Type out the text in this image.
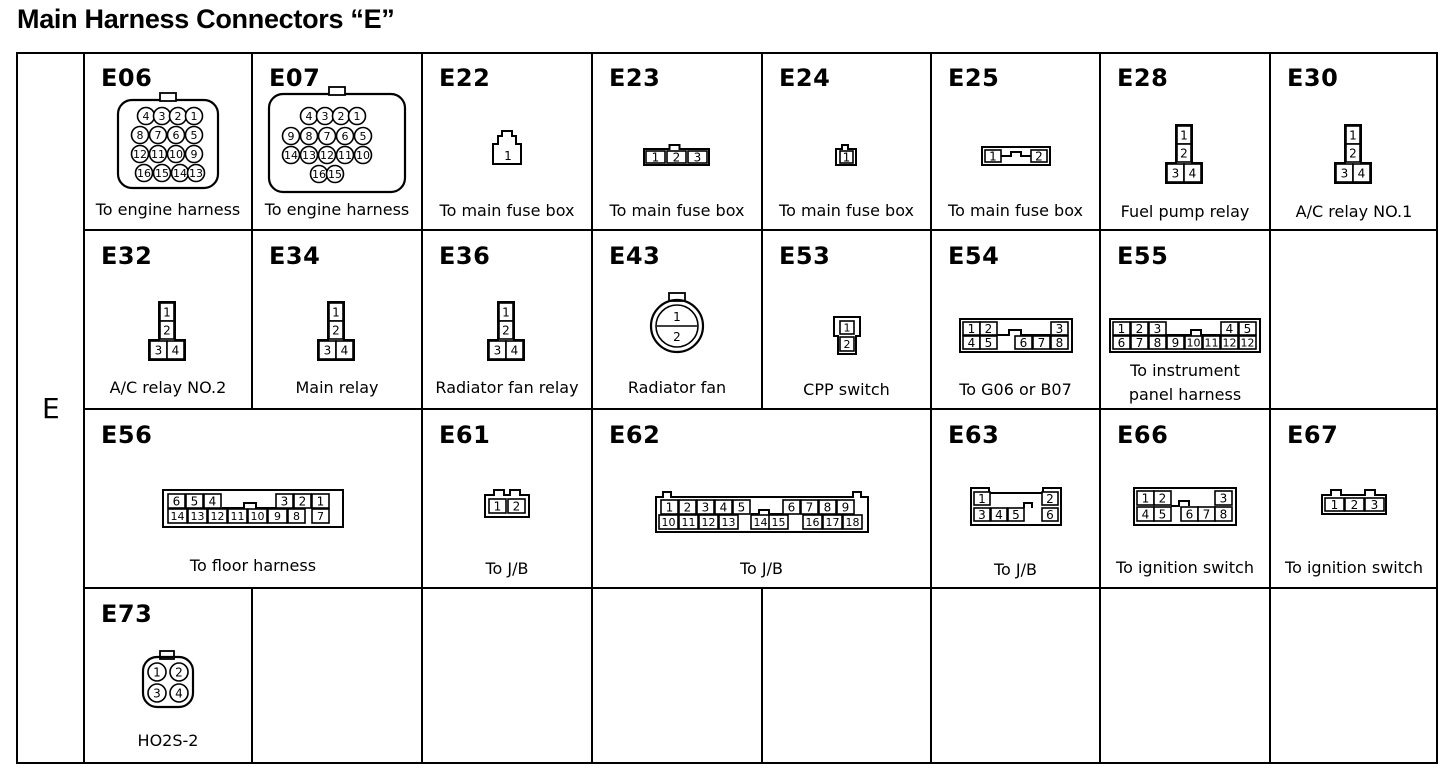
Main Harness Connectors “E”
E
E06
4 3 2 1
8 7 6 5
12 11 10 9
16 15 14 13
To engine harness
E07
4 3 2 1
9 8 7 6 5
14 13 12 11 10
16 15
To engine harness
E22
1
To main fuse box
E23
1 2 3
To main fuse box
E24
1
To main fuse box
E25
1	2
To main fuse box
E28
1
2
3 4
Fuel pump relay
E30
1
2
3 4
A/C relay NO.1
E32
1
2
3 4
A/C relay NO.2
E34
1
2
3 4
Main relay
E36
1
2
3 4
Radiator fan relay
E43
1
2
Radiator fan
E53
1
2
CPP switch
E54
1 2	3
4 5 6 7 8
To G06 or B07
E55
1 2 3	4 5
6 7 8 9 10 11 12 12
To instrument
panel harness
E56
6 5 4	3 2 1
14 13 12 11 10 9 8 7
To floor harness
E61
1 2
To J/B
E62
1 2 3 4 5	6 7 8 9
10 11 12 13 14 15 16 17 18
To J/B
E63
1	2
3 4 5 6
To J/B
E66
1 2	3
4 5 6 7 8
To ignition switch
E67
1 2 3
To ignition switch
E73
1 2
3 4
HO2S-2
